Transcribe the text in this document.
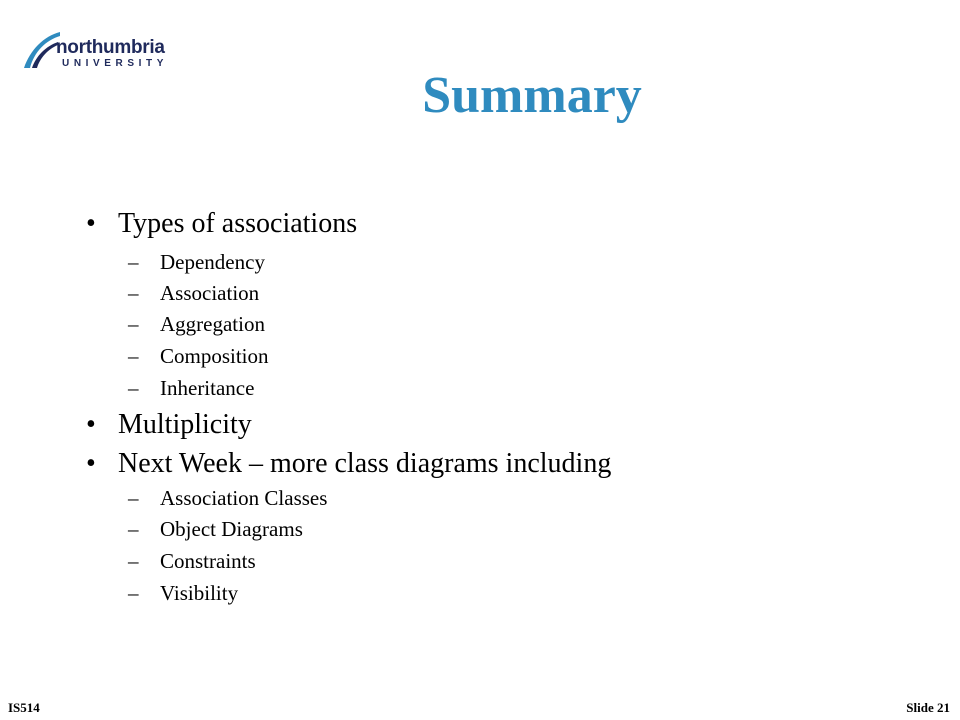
northumbria
UNIVERSITY
Summary
• Types of associations
– Dependency
– Association
– Aggregation
– Composition
– Inheritance
• Multiplicity
• Next Week – more class diagrams including
– Association Classes
– Object Diagrams
– Constraints
– Visibility
IS514	Slide 21
